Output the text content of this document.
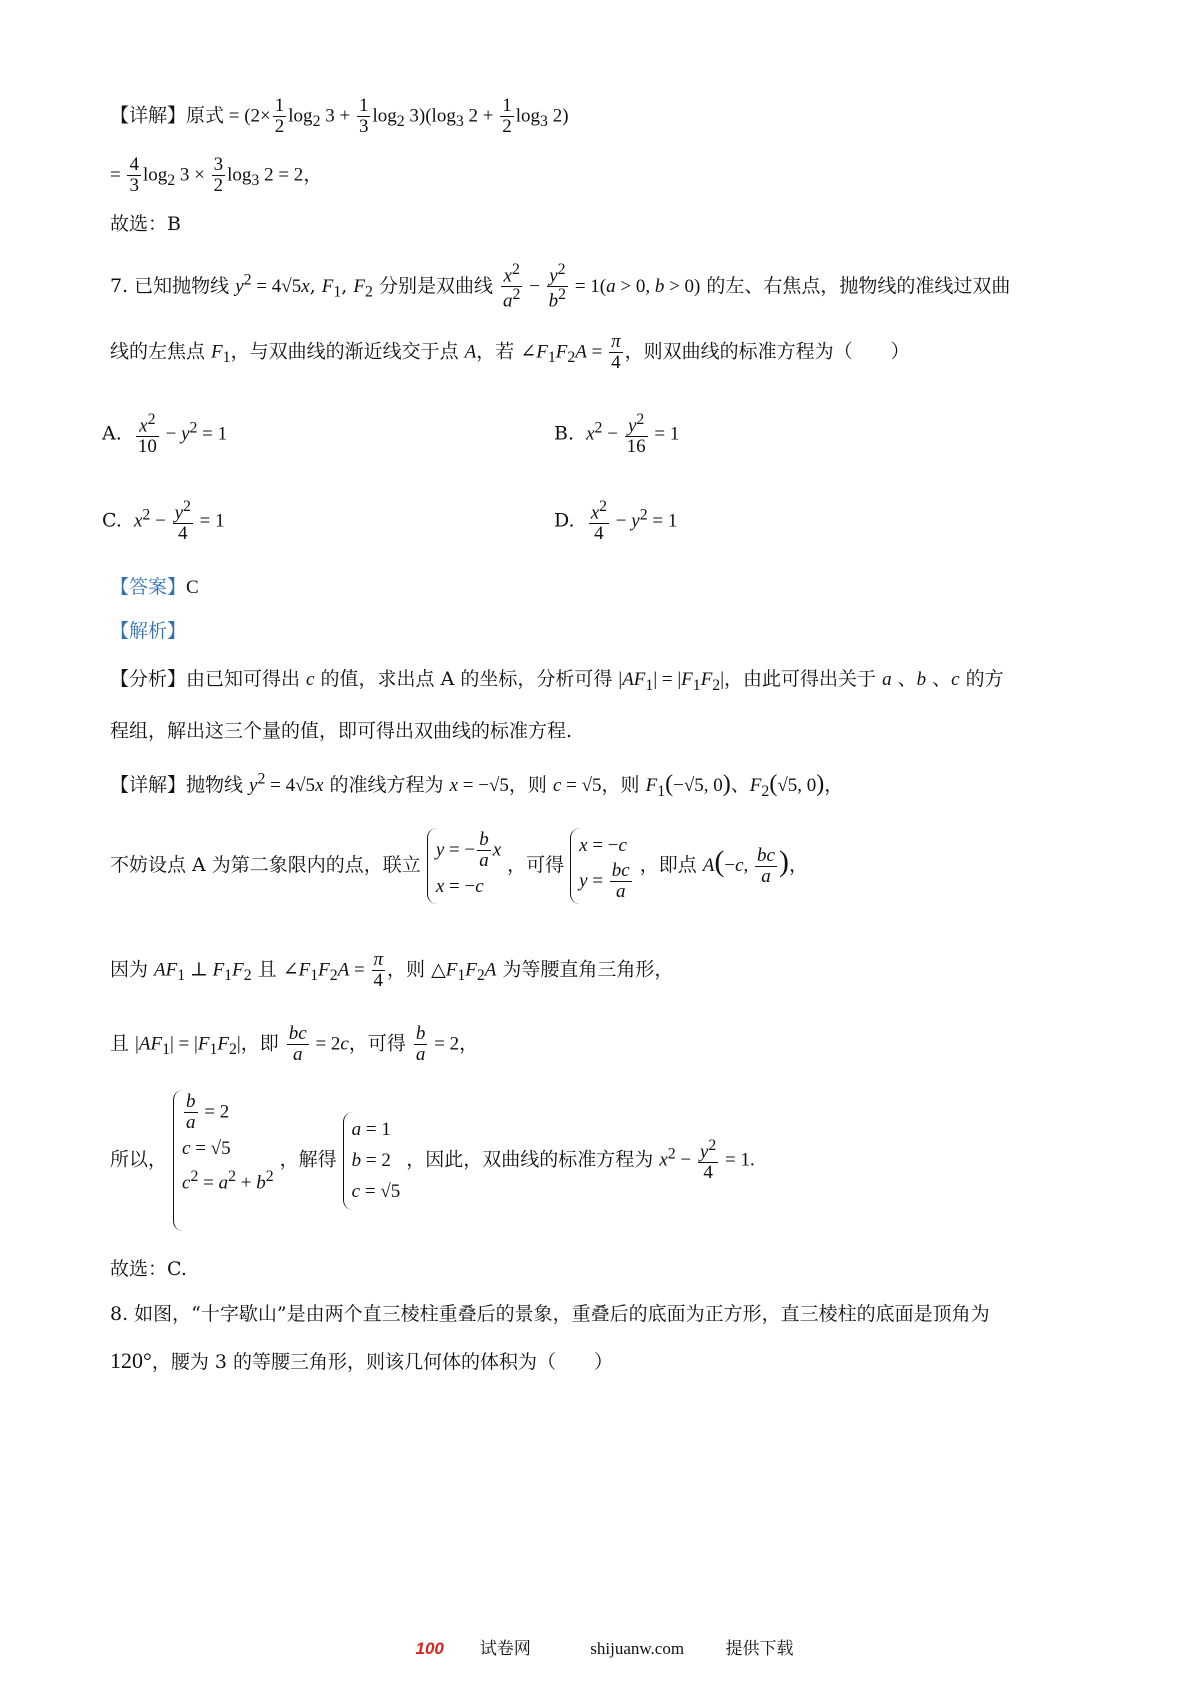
【详解】原式 = $(2\times \frac{1}{2} \log_2 3 + \frac{1}{3} \log_2 3)(\log_3$ $2 + \frac{1}{2} \log_3 2$)
= $\frac{4}{3} \log_2 3 \times \frac{3}{2} \log_3 2 = 2$，
故选：B
7. 已知抛物线 $y^2 = 4√5x$, $F_1$, $F_2$ 分别是双曲线 $\frac{x^2}{a^2} - \frac{y^2}{b^2} = 1(a > 0$, b > 0) 的左、右焦点，抛物线的准线过双曲
线的左焦点 $F_1$，与双曲线的渐近线交于点 A，若 $\angle F_1F_2A = \frac{\pi}{4}$ ，则双曲线的标准方程为（　　）
A. $\frac{x^2}{10} - y^2 = 1$	B.  $x^2 - \frac{y^2}{16} = 1$
C.  $x^2 - \frac{y^2}{4} = 1$	D. $\frac{x^2}{4} - y^2 = 1$
【答案】C
【解析】
【分析】由已知可得出 c 的值，求出点 A 的坐标，分析可得 $|AF_1| = |F_1F_2|$，由此可得出关于 a 、b 、c 的方
程组，解出这三个量的值，即可得出双曲线的标准方程.
【详解】抛物线 $y^2 = 4√5x$ 的准线方程为 x = −√5，则 c = √5，则 $F_1(-√5$, 0)、$F_2(√5$, 0)，
不妨设点 A 为第二象限内的点，联立
y = − $\frac{b}{a}$ x
x = −c
，可得
x = −c
$y = \frac{bc}{a}$ ，即点 A(−c, $\frac{bc}{a}$ )，
因为 $AF_1$ ⊥ $F_1F_2$ 且 $\angle F_1F_2A = \frac{\pi}{4}$ ，则 $\triangle F_1F_2A$ 为等腰直角三角形，
且 $|AF_1| = |F_1F_2|$，即 $\frac{bc}{a} = 2c$，可得 $\frac{b}{a} = 2$，
所以，
$\frac{b}{a} = 2$
c = √5
$c^2 = a^2 + b^2$

，解得
a = 1
b = 2
c = √5
，因此，双曲线的标准方程为 $x^2 - \frac{y^2}{4} = 1$.
故选：C.
8. 如图，“十字歇山”是由两个直三棱柱重叠后的景象，重叠后的底面为正方形，直三棱柱的底面是顶角为
120°，腰为 3 的等腰三角形，则该几何体的体积为（　　）
100 试卷网	shijuanw.com 提供下载
